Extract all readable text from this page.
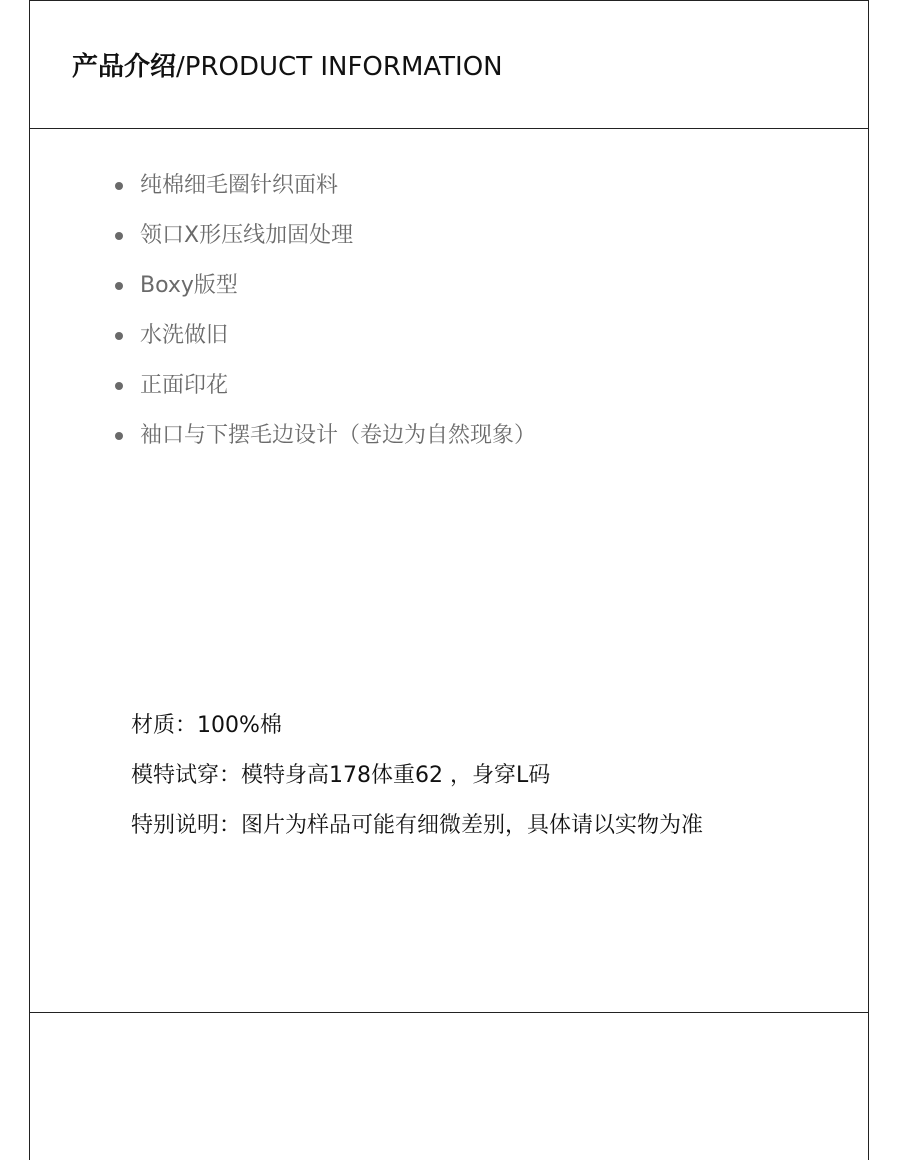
产品介绍/PRODUCT INFORMATION
纯棉细毛圈针织面料
领口X形压线加固处理
Boxy版型
水洗做旧
正面印花
袖口与下摆毛边设计（卷边为自然现象）
材质：100%棉
模特试穿：模特身高178体重62 ，身穿L码
特别说明：图片为样品可能有细微差别，具体请以实物为准
